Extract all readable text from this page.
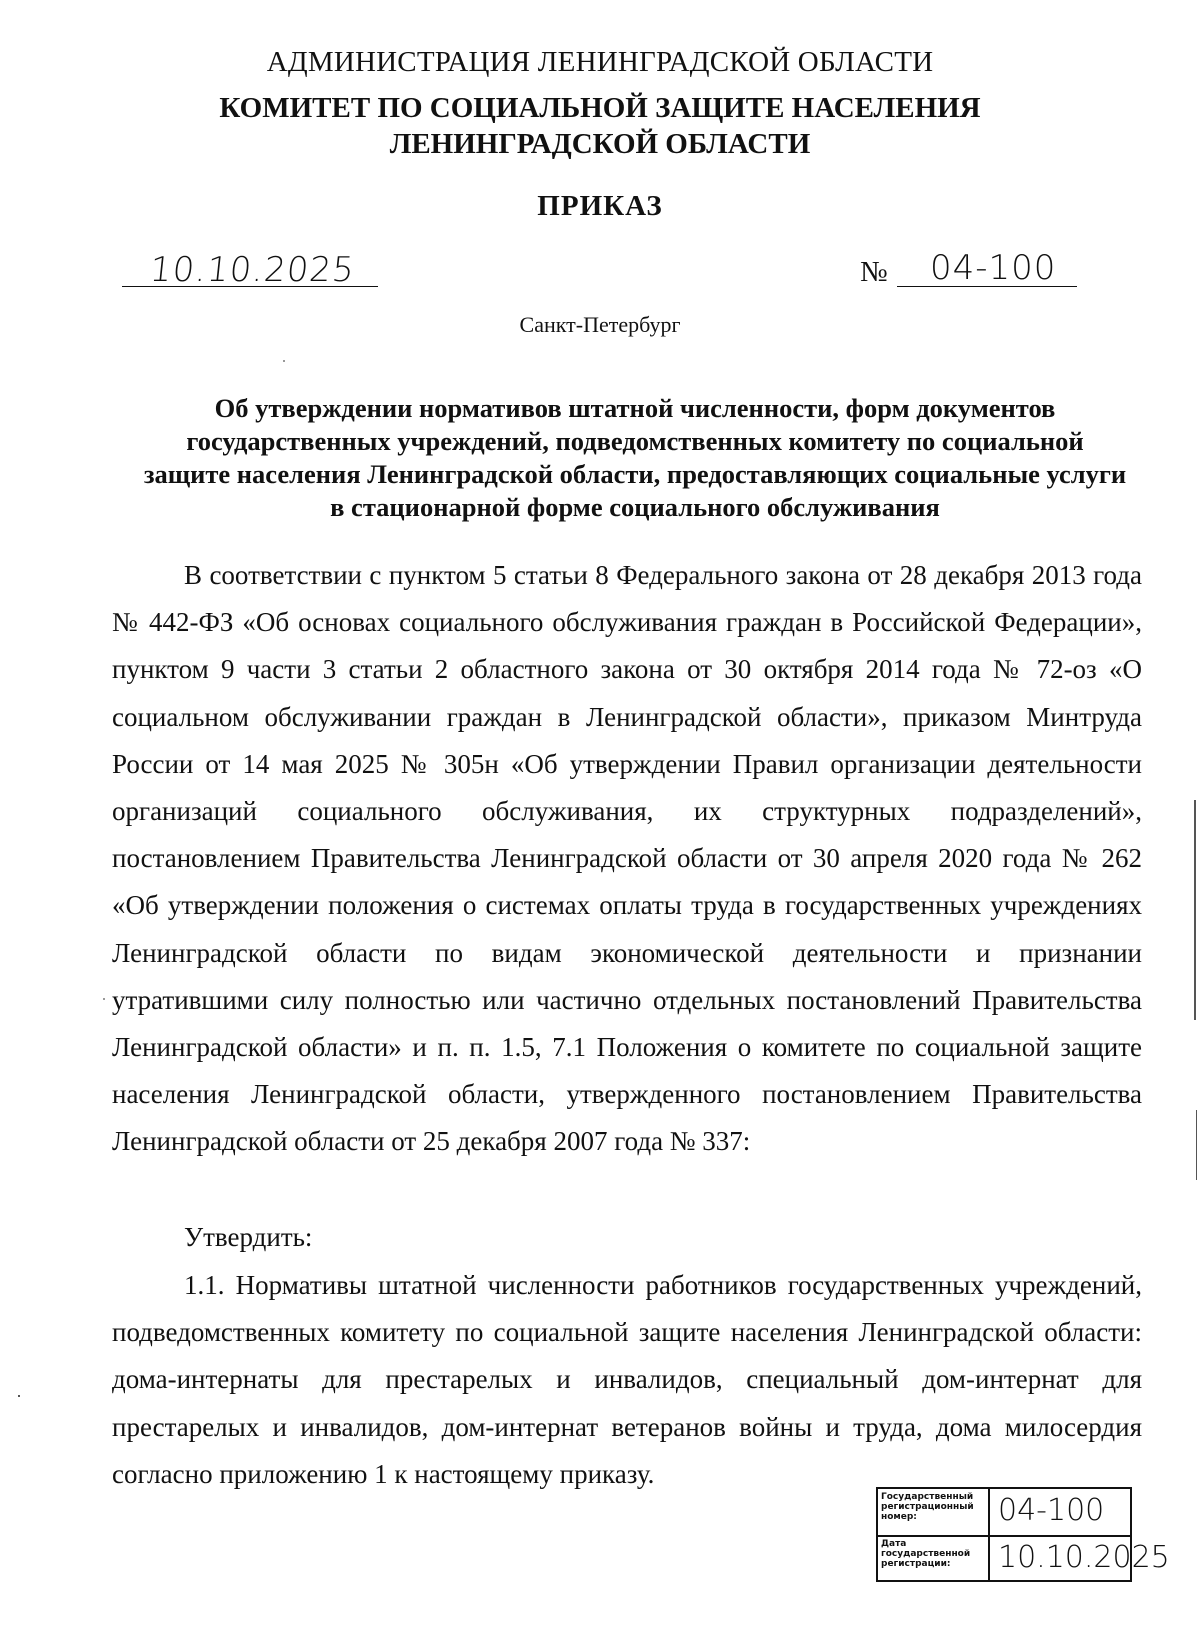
АДМИНИСТРАЦИЯ ЛЕНИНГРАДСКОЙ ОБЛАСТИ
КОМИТЕТ ПО СОЦИАЛЬНОЙ ЗАЩИТЕ НАСЕЛЕНИЯ
ЛЕНИНГРАДСКОЙ ОБЛАСТИ
ПРИКАЗ
10.10.2025	№ 04-100
Санкт-Петербург
Об утверждении нормативов штатной численности, форм документов государственных учреждений, подведомственных комитету по социальной защите населения Ленинградской области, предоставляющих социальные услуги в стационарной форме социального обслуживания
В соответствии с пунктом 5 статьи 8 Федерального закона от 28 декабря 2013 года № 442-ФЗ «Об основах социального обслуживания граждан в Российской Федерации», пунктом 9 части 3 статьи 2 областного закона от 30 октября 2014 года № 72-оз «О социальном обслуживании граждан в Ленинградской области», приказом Минтруда России от 14 мая 2025 № 305н «Об утверждении Правил организации деятельности организаций социального обслуживания, их структурных подразделений», постановлением Правительства Ленинградской области от 30 апреля 2020 года № 262 «Об утверждении положения о системах оплаты труда в государственных учреждениях Ленинградской области по видам экономической деятельности и признании утратившими силу полностью или частично отдельных постановлений Правительства Ленинградской области» и п. п. 1.5, 7.1 Положения о комитете по социальной защите населения Ленинградской области, утвержденного постановлением Правительства Ленинградской области от 25 декабря 2007 года № 337:
Утвердить:
1.1. Нормативы штатной численности работников государственных учреждений, подведомственных комитету по социальной защите населения Ленинградской области: дома-интернаты для престарелых и инвалидов, специальный дом-интернат для престарелых и инвалидов, дом-интернат ветеранов войны и труда, дома милосердия согласно приложению 1 к настоящему приказу.
Государственный
регистрационный
номер:	04-100
Дата
государственной
регистрации:	10.10.2025
